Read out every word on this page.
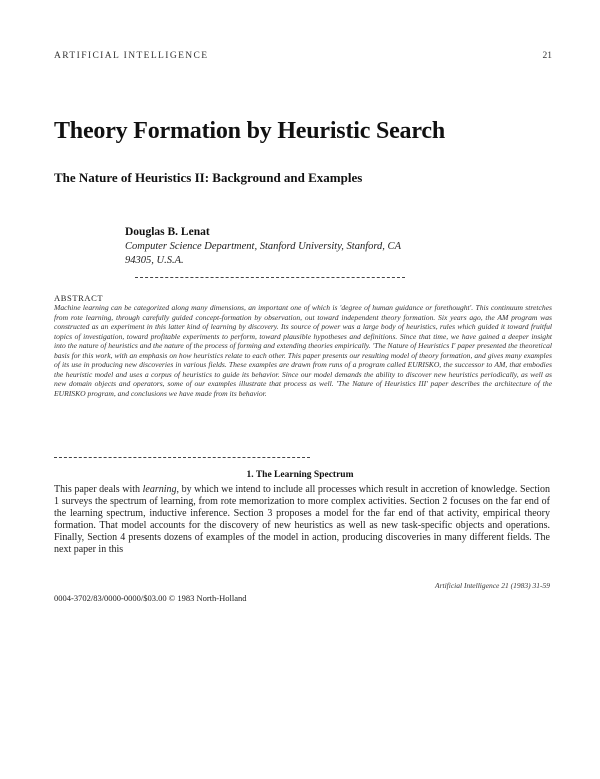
ARTIFICIAL INTELLIGENCE	21
Theory Formation by Heuristic Search
The Nature of Heuristics II: Background and Examples
Douglas B. Lenat
Computer Science Department, Stanford University, Stanford, CA 94305, U.S.A.
ABSTRACT
Machine learning can be categorized along many dimensions, an important one of which is 'degree of human guidance or forethought'. This continuum stretches from rote learning, through carefully guided concept-formation by observation, out toward independent theory formation. Six years ago, the AM program was constructed as an experiment in this latter kind of learning by discovery. Its source of power was a large body of heuristics, rules which guided it toward fruitful topics of investigation, toward profitable experiments to perform, toward plausible hypotheses and definitions. Since that time, we have gained a deeper insight into the nature of heuristics and the nature of the process of forming and extending theories empirically. 'The Nature of Heuristics I' paper presented the theoretical basis for this work, with an emphasis on how heuristics relate to each other. This paper presents our resulting model of theory formation, and gives many examples of its use in producing new discoveries in various fields. These examples are drawn from runs of a program called EURISKO, the successor to AM, that embodies the heuristic model and uses a corpus of heuristics to guide its behavior. Since our model demands the ability to discover new heuristics periodically, as well as new domain objects and operators, some of our examples illustrate that process as well. 'The Nature of Heuristics III' paper describes the architecture of the EURISKO program, and conclusions we have made from its behavior.
1. The Learning Spectrum
This paper deals with learning, by which we intend to include all processes which result in accretion of knowledge. Section 1 surveys the spectrum of learning, from rote memorization to more complex activities. Section 2 focuses on the far end of the learning spectrum, inductive inference. Section 3 proposes a model for the far end of that activity, empirical theory formation. That model accounts for the discovery of new heuristics as well as new task-specific objects and operations. Finally, Section 4 presents dozens of examples of the model in action, producing discoveries in many different fields. The next paper in this
Artificial Intelligence 21 (1983) 31-59
0004-3702/83/0000-0000/$03.00 © 1983 North-Holland
